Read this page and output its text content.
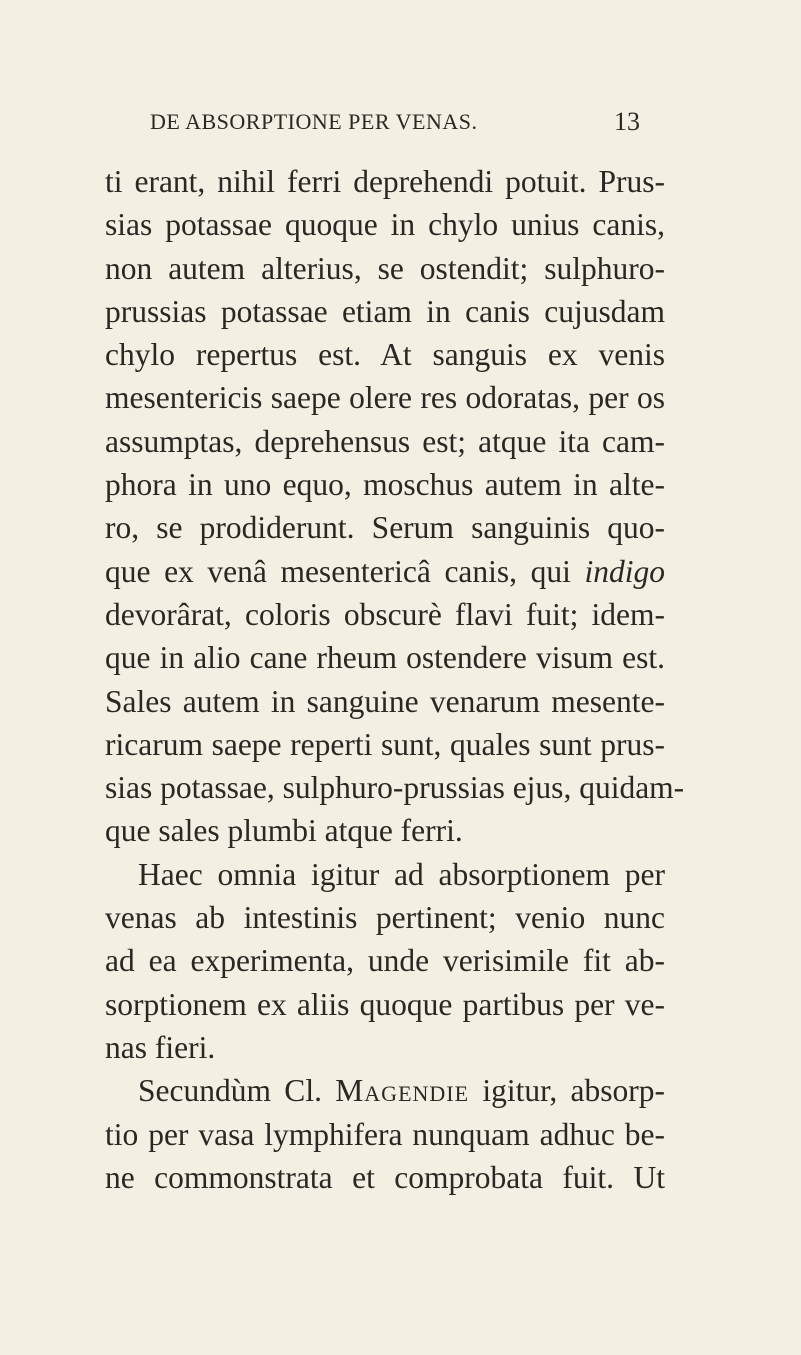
DE ABSORPTIONE PER VENAS.	13
ti erant, nihil ferri deprehendi potuit. Prus-
sias potassae quoque in chylo unius canis,
non autem alterius, se ostendit; sulphuro-
prussias potassae etiam in canis cujusdam
chylo repertus est. At sanguis ex venis
mesentericis saepe olere res odoratas, per os
assumptas, deprehensus est; atque ita cam-
phora in uno equo, moschus autem in alte-
ro, se prodiderunt. Serum sanguinis quo-
que ex venâ mesentericâ canis, qui indigo
devorârat, coloris obscurè flavi fuit; idem-
que in alio cane rheum ostendere visum est.
Sales autem in sanguine venarum mesente-
ricarum saepe reperti sunt, quales sunt prus-
sias potassae, sulphuro-prussias ejus, quidam-
que sales plumbi atque ferri.
Haec omnia igitur ad absorptionem per
venas ab intestinis pertinent; venio nunc
ad ea experimenta, unde verisimile fit ab-
sorptionem ex aliis quoque partibus per ve-
nas fieri.
Secundùm Cl. Magendie igitur, absorp-
tio per vasa lymphifera nunquam adhuc be-
ne commonstrata et comprobata fuit. Ut
